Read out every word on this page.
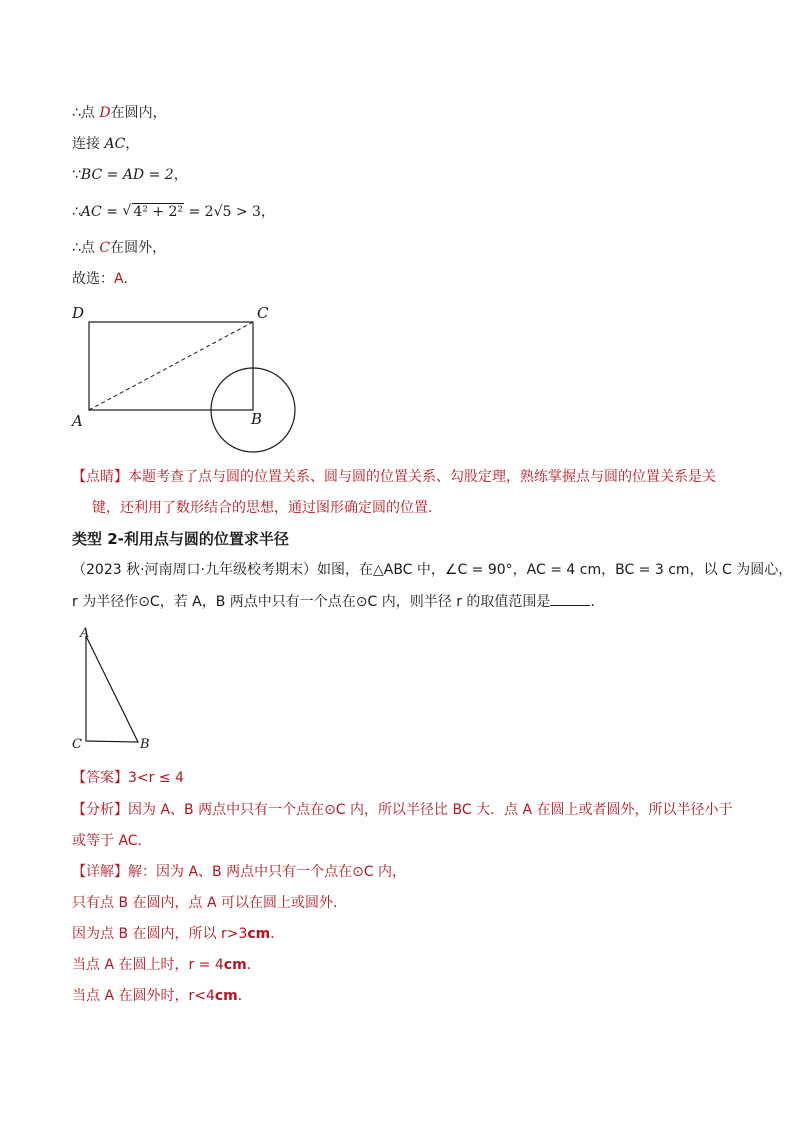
∴点 D在圆内，
连接 AC，
∵BC = AD = 2，
∴AC = √ 4² + 2² = 2√5 > 3，
∴点 C在圆外，
故选：A.
D	C
A	B
【点睛】本题考查了点与圆的位置关系、圆与圆的位置关系、勾股定理，熟练掌握点与圆的位置关系是关
键，还利用了数形结合的思想，通过图形确定圆的位置．
类型 2-利用点与圆的位置求半径
（2023 秋·河南周口·九年级校考期末）如图，在△ABC 中，∠C = 90°，AC = 4 cm，BC = 3 cm，以 C 为圆心，
r 为半径作⊙C，若 A，B 两点中只有一个点在⊙C 内，则半径 r 的取值范围是	.
A
C	B
【答案】3<r ≤ 4
【分析】因为 A、B 两点中只有一个点在⊙C 内，所以半径比 BC 大．点 A 在圆上或者圆外，所以半径小于
或等于 AC．
【详解】解：因为 A、B 两点中只有一个点在⊙C 内，
只有点 B 在圆内，点 A 可以在圆上或圆外．
因为点 B 在圆内，所以 r>3cm．
当点 A 在圆上时，r = 4cm．
当点 A 在圆外时，r<4cm．
